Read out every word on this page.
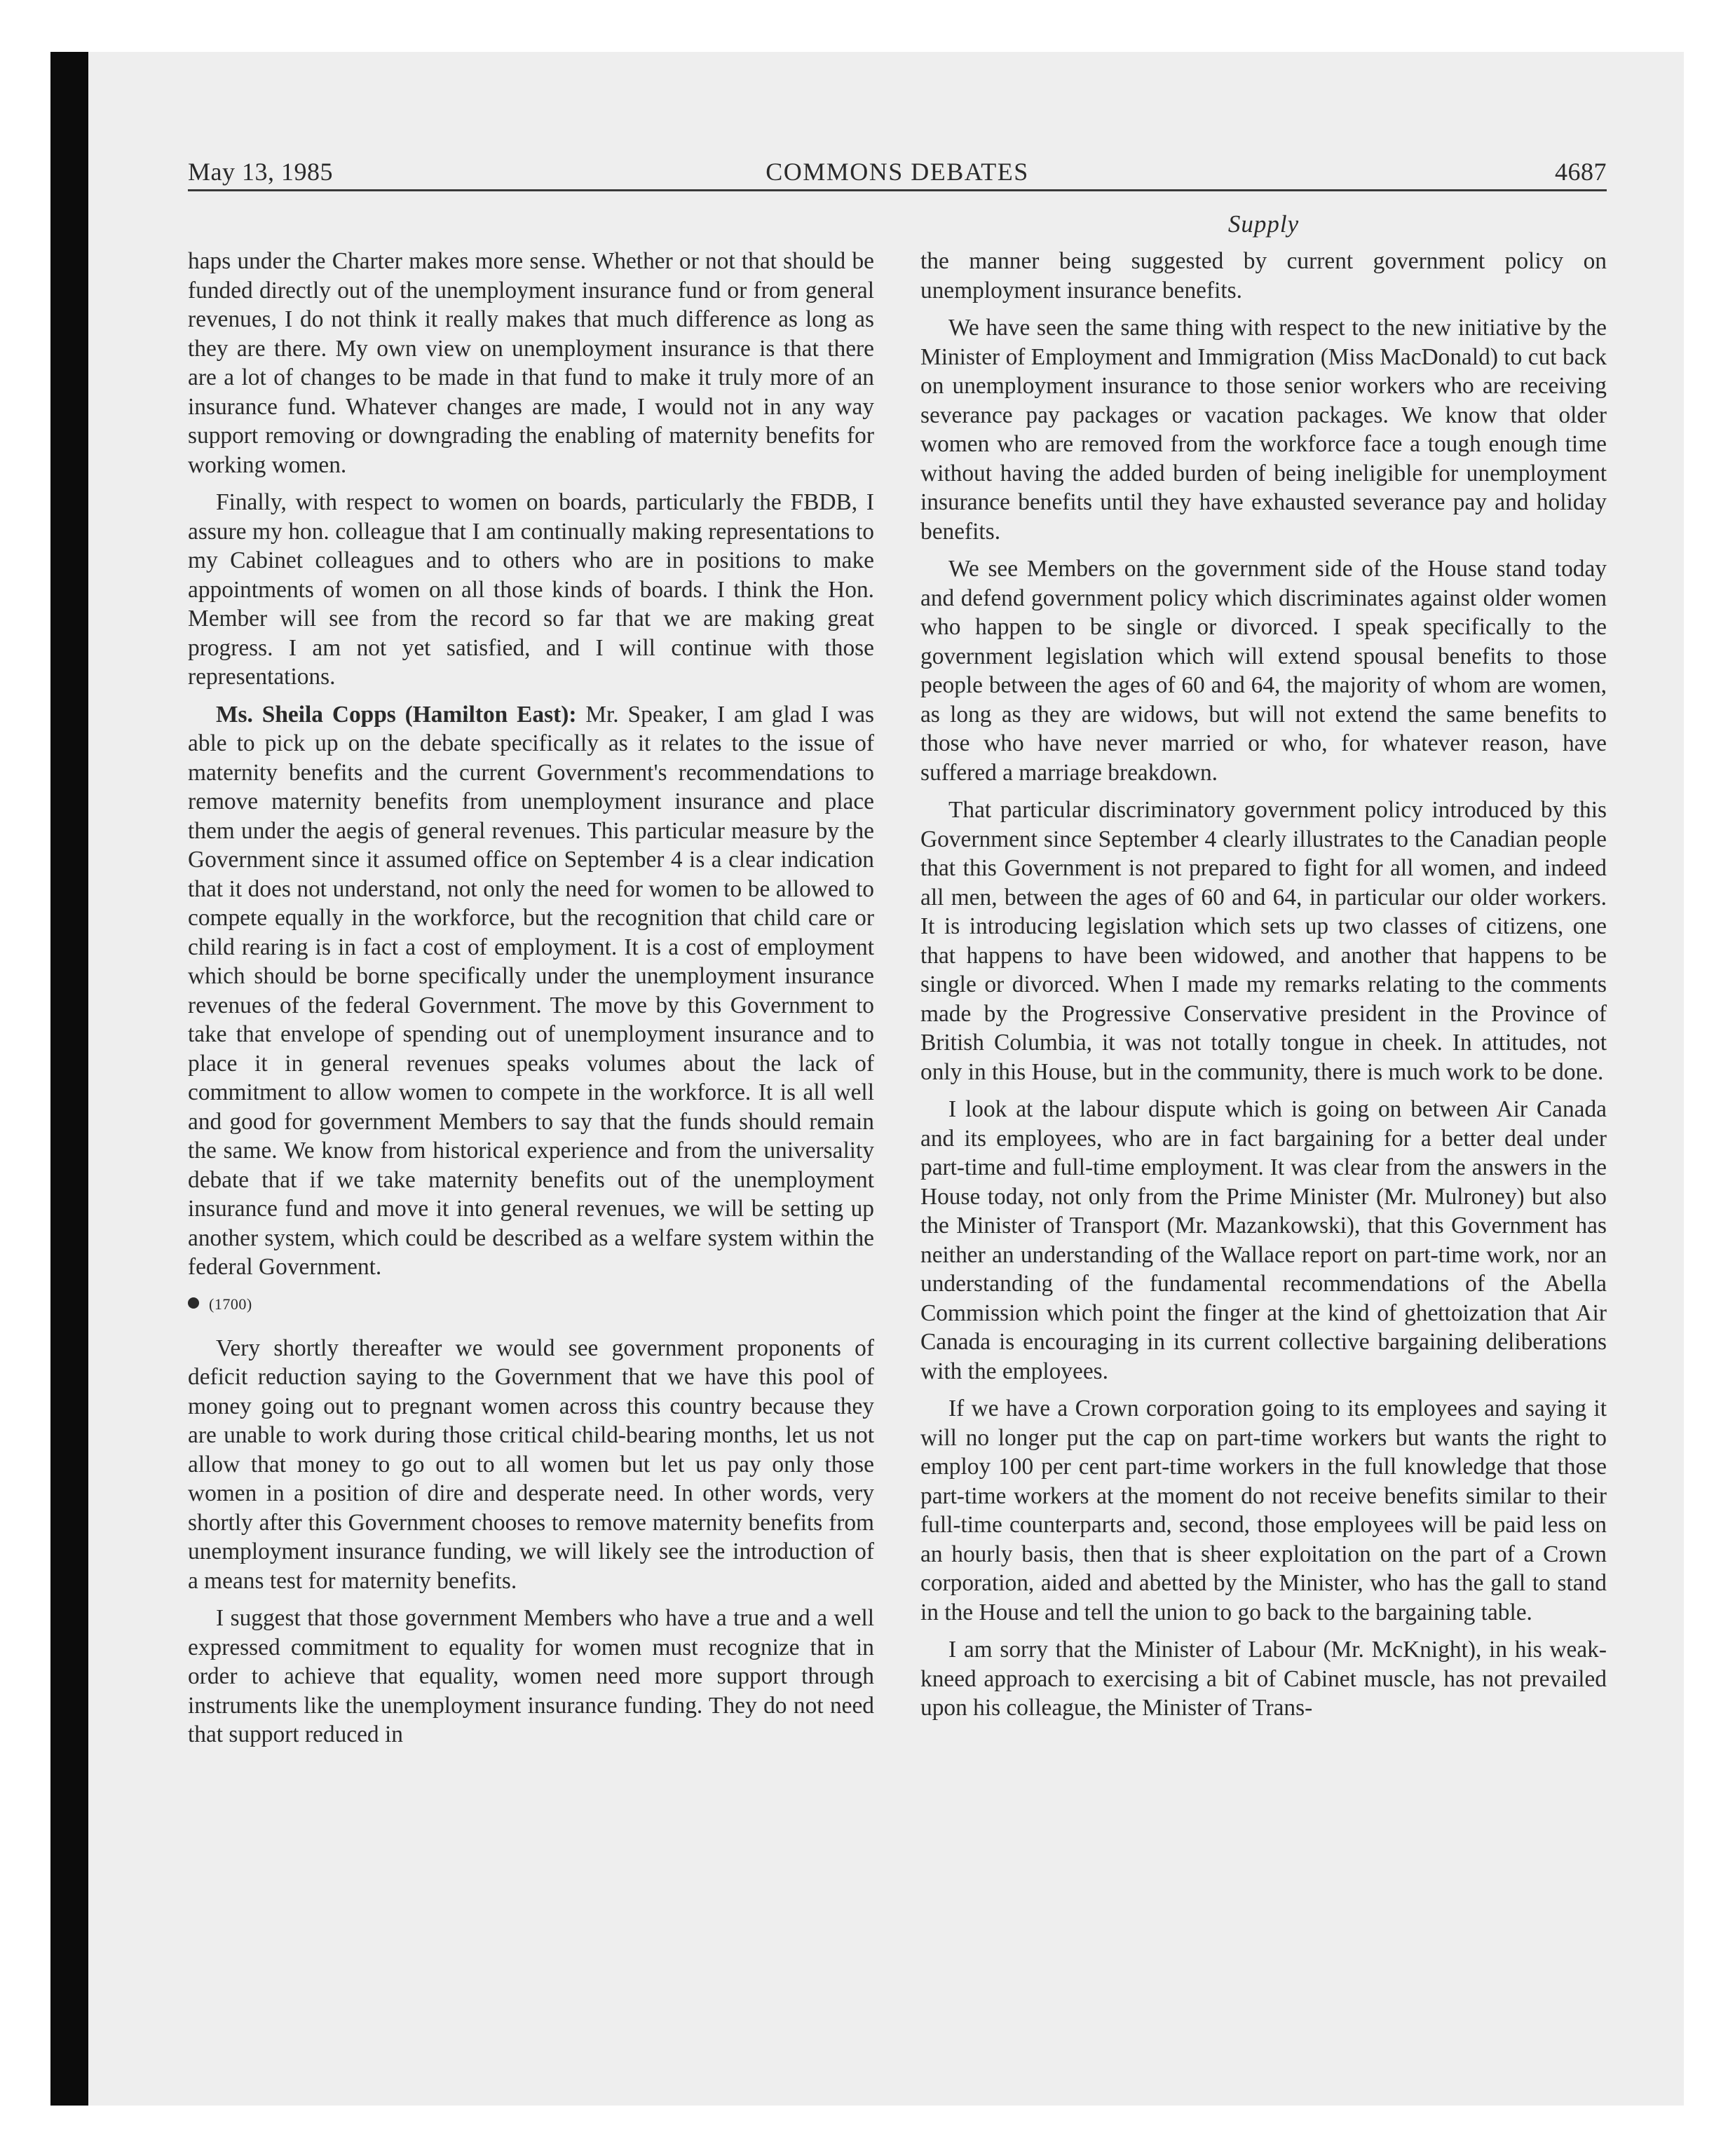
May 13, 1985	COMMONS DEBATES	4687
Supply

haps under the Charter makes more sense. Whether or not that should be funded directly out of the unemployment insurance fund or from general revenues, I do not think it really makes that much difference as long as they are there. My own view on unemployment insurance is that there are a lot of changes to be made in that fund to make it truly more of an insurance fund. Whatever changes are made, I would not in any way support removing or downgrading the enabling of maternity benefits for working women.

Finally, with respect to women on boards, particularly the FBDB, I assure my hon. colleague that I am continually making representations to my Cabinet colleagues and to others who are in positions to make appointments of women on all those kinds of boards. I think the Hon. Member will see from the record so far that we are making great progress. I am not yet satisfied, and I will continue with those representations.

Ms. Sheila Copps (Hamilton East): Mr. Speaker, I am glad I was able to pick up on the debate specifically as it relates to the issue of maternity benefits and the current Government's recommendations to remove maternity benefits from unemployment insurance and place them under the aegis of general revenues. This particular measure by the Government since it assumed office on September 4 is a clear indication that it does not understand, not only the need for women to be allowed to compete equally in the workforce, but the recognition that child care or child rearing is in fact a cost of employment. It is a cost of employment which should be borne specifically under the unemployment insurance revenues of the federal Government. The move by this Government to take that envelope of spending out of unemployment insurance and to place it in general revenues speaks volumes about the lack of commitment to allow women to compete in the workforce. It is all well and good for government Members to say that the funds should remain the same. We know from historical experience and from the universality debate that if we take maternity benefits out of the unemployment insurance fund and move it into general revenues, we will be setting up another system, which could be described as a welfare system within the federal Government.

(1700)

Very shortly thereafter we would see government proponents of deficit reduction saying to the Government that we have this pool of money going out to pregnant women across this country because they are unable to work during those critical child-bearing months, let us not allow that money to go out to all women but let us pay only those women in a position of dire and desperate need. In other words, very shortly after this Government chooses to remove maternity benefits from unemployment insurance funding, we will likely see the introduction of a means test for maternity benefits.

I suggest that those government Members who have a true and a well expressed commitment to equality for women must recognize that in order to achieve that equality, women need more support through instruments like the unemployment insurance funding. They do not need that support reduced in

the manner being suggested by current government policy on unemployment insurance benefits.

We have seen the same thing with respect to the new initiative by the Minister of Employment and Immigration (Miss MacDonald) to cut back on unemployment insurance to those senior workers who are receiving severance pay packages or vacation packages. We know that older women who are removed from the workforce face a tough enough time without having the added burden of being ineligible for unemployment insurance benefits until they have exhausted severance pay and holiday benefits.

We see Members on the government side of the House stand today and defend government policy which discriminates against older women who happen to be single or divorced. I speak specifically to the government legislation which will extend spousal benefits to those people between the ages of 60 and 64, the majority of whom are women, as long as they are widows, but will not extend the same benefits to those who have never married or who, for whatever reason, have suffered a marriage breakdown.

That particular discriminatory government policy introduced by this Government since September 4 clearly illustrates to the Canadian people that this Government is not prepared to fight for all women, and indeed all men, between the ages of 60 and 64, in particular our older workers. It is introducing legislation which sets up two classes of citizens, one that happens to have been widowed, and another that happens to be single or divorced. When I made my remarks relating to the comments made by the Progressive Conservative president in the Province of British Columbia, it was not totally tongue in cheek. In attitudes, not only in this House, but in the community, there is much work to be done.

I look at the labour dispute which is going on between Air Canada and its employees, who are in fact bargaining for a better deal under part-time and full-time employment. It was clear from the answers in the House today, not only from the Prime Minister (Mr. Mulroney) but also the Minister of Transport (Mr. Mazankowski), that this Government has neither an understanding of the Wallace report on part-time work, nor an understanding of the fundamental recommendations of the Abella Commission which point the finger at the kind of ghettoization that Air Canada is encouraging in its current collective bargaining deliberations with the employees.

If we have a Crown corporation going to its employees and saying it will no longer put the cap on part-time workers but wants the right to employ 100 per cent part-time workers in the full knowledge that those part-time workers at the moment do not receive benefits similar to their full-time counterparts and, second, those employees will be paid less on an hourly basis, then that is sheer exploitation on the part of a Crown corporation, aided and abetted by the Minister, who has the gall to stand in the House and tell the union to go back to the bargaining table.

I am sorry that the Minister of Labour (Mr. McKnight), in his weak-kneed approach to exercising a bit of Cabinet muscle, has not prevailed upon his colleague, the Minister of Trans-
